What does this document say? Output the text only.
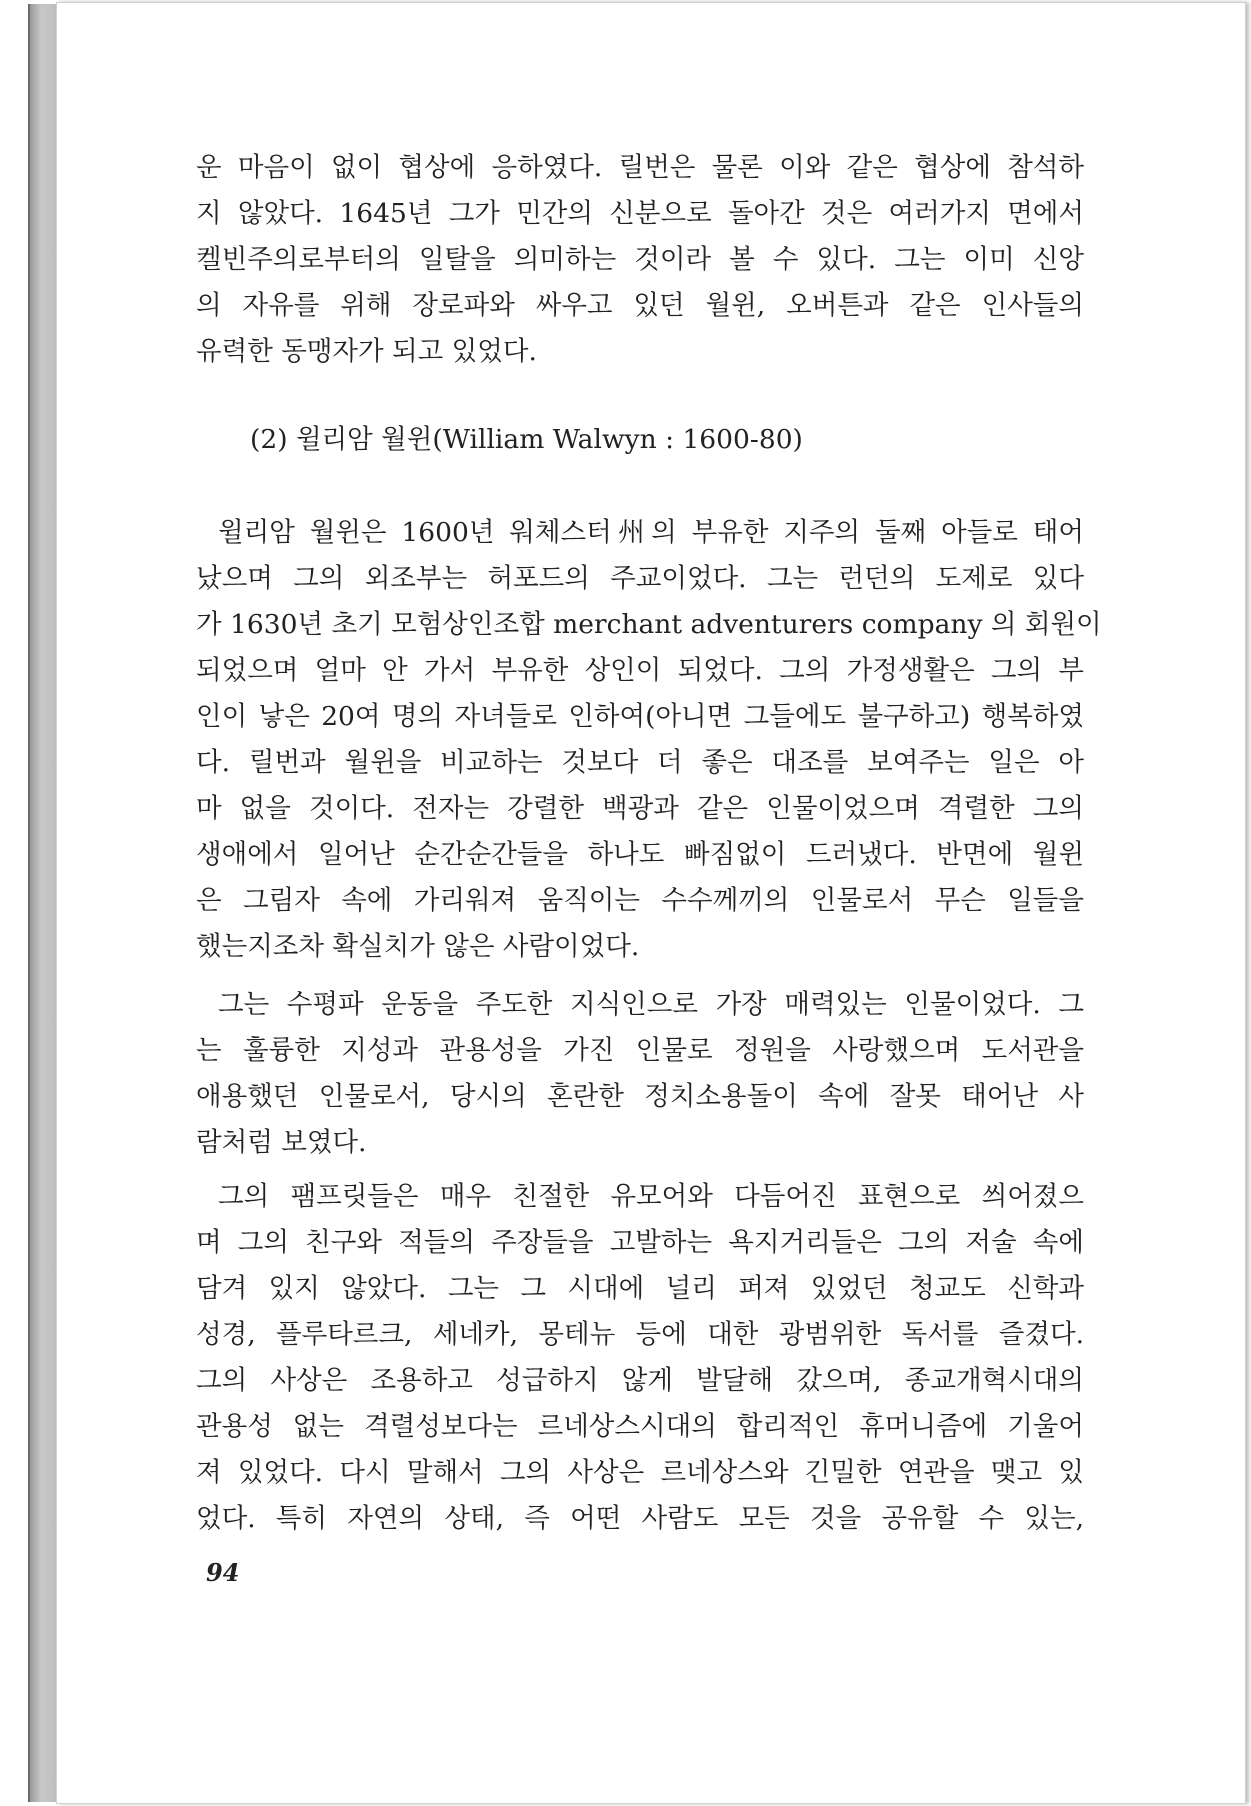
운 마음이 없이 협상에 응하였다. 릴번은 물론 이와 같은 협상에 참석하
지 않았다. 1645년 그가 민간의 신분으로 돌아간 것은 여러가지 면에서
켈빈주의로부터의 일탈을 의미하는 것이라 볼 수 있다. 그는 이미 신앙
의 자유를 위해 장로파와 싸우고 있던 월윈, 오버튼과 같은 인사들의
유력한 동맹자가 되고 있었다.
(2) 윌리암 월윈(William Walwyn : 1600-80)
윌리암 월윈은 1600년 워체스터州의 부유한 지주의 둘째 아들로 태어
났으며 그의 외조부는 허포드의 주교이었다. 그는 런던의 도제로 있다
가 1630년 초기 모험상인조합 merchant adventurers company 의 회원이
되었으며 얼마 안 가서 부유한 상인이 되었다. 그의 가정생활은 그의 부
인이 낳은 20여 명의 자녀들로 인하여(아니면 그들에도 불구하고) 행복하였
다. 릴번과 월윈을 비교하는 것보다 더 좋은 대조를 보여주는 일은 아
마 없을 것이다. 전자는 강렬한 백광과 같은 인물이었으며 격렬한 그의
생애에서 일어난 순간순간들을 하나도 빠짐없이 드러냈다. 반면에 월윈
은 그림자 속에 가리워져 움직이는 수수께끼의 인물로서 무슨 일들을
했는지조차 확실치가 않은 사람이었다.
그는 수평파 운동을 주도한 지식인으로 가장 매력있는 인물이었다. 그
는 훌륭한 지성과 관용성을 가진 인물로 정원을 사랑했으며 도서관을
애용했던 인물로서, 당시의 혼란한 정치소용돌이 속에 잘못 태어난 사
람처럼 보였다.
그의 팸프릿들은 매우 친절한 유모어와 다듬어진 표현으로 씌어졌으
며 그의 친구와 적들의 주장들을 고발하는 욕지거리들은 그의 저술 속에
담겨 있지 않았다. 그는 그 시대에 널리 퍼져 있었던 청교도 신학과
성경, 플루타르크, 세네카, 몽테뉴 등에 대한 광범위한 독서를 즐겼다.
그의 사상은 조용하고 성급하지 않게 발달해 갔으며, 종교개혁시대의
관용성 없는 격렬성보다는 르네상스시대의 합리적인 휴머니즘에 기울어
져 있었다. 다시 말해서 그의 사상은 르네상스와 긴밀한 연관을 맺고 있
었다. 특히 자연의 상태, 즉 어떤 사람도 모든 것을 공유할 수 있는,
94
